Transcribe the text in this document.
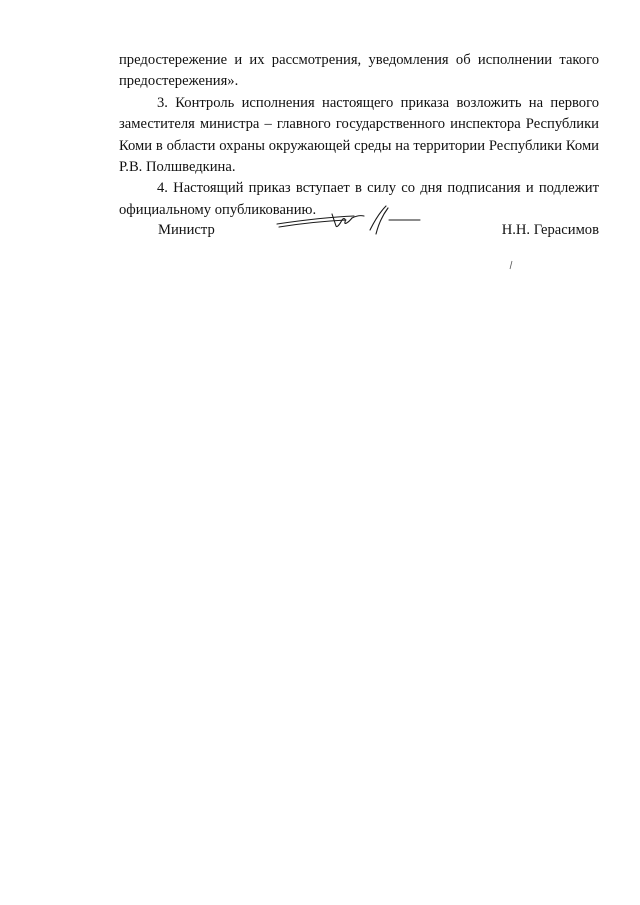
предостережение и их рассмотрения, уведомления об исполнении такого предостережения».

3. Контроль исполнения настоящего приказа возложить на первого заместителя министра – главного государственного инспектора Республики Коми в области охраны окружающей среды на территории Республики Коми Р.В. Полшведкина.

4. Настоящий приказ вступает в силу со дня подписания и подлежит официальному опубликованию.

Министр	Н.Н. Герасимов
